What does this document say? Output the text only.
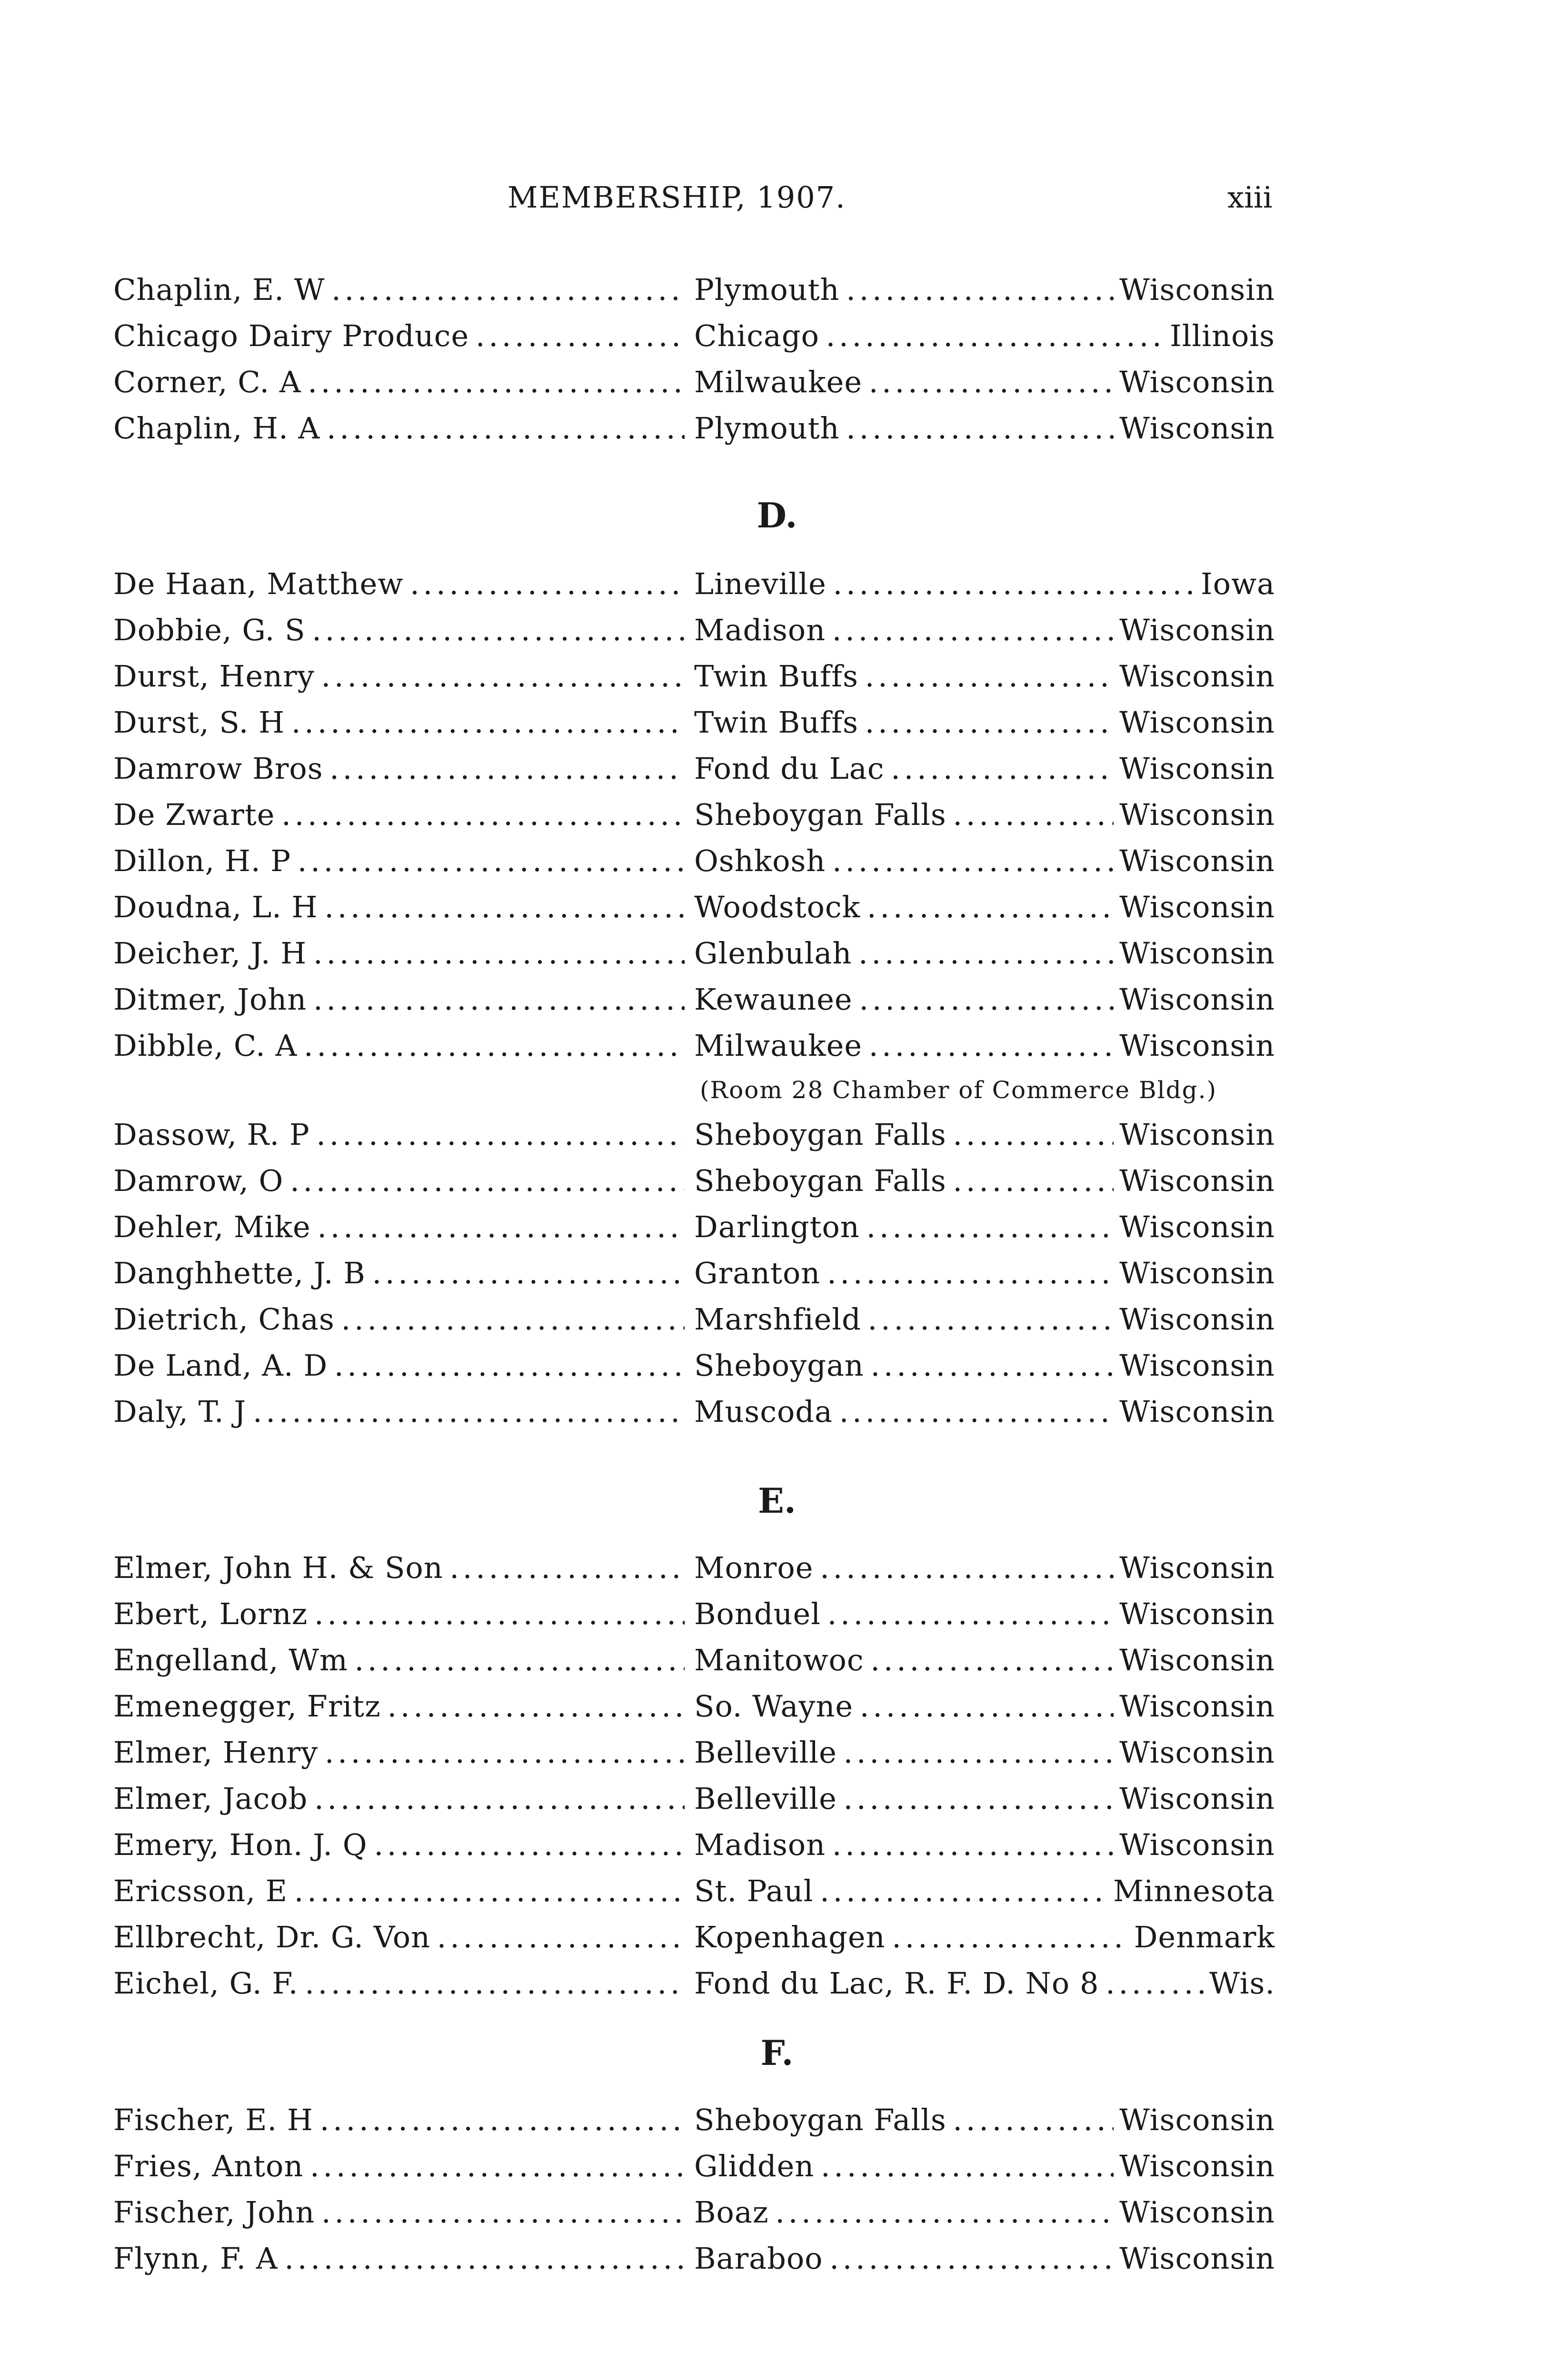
MEMBERSHIP, 1907.	xiii
Chaplin, E. W . . .	Plymouth . . .	Wisconsin
Chicago Dairy Produce . . .	Chicago . . .	Illinois
Corner, C. A . . .	Milwaukee . . .	Wisconsin
Chaplin, H. A . . .	Plymouth . . .	Wisconsin
D.
De Haan, Matthew . . .	Lineville . . .	Iowa
Dobbie, G. S . . .	Madison . . .	Wisconsin
Durst, Henry . . .	Twin Buffs . . .	Wisconsin
Durst, S. H . . .	Twin Buffs . . .	Wisconsin
Damrow Bros . . .	Fond du Lac . . .	Wisconsin
De Zwarte . . .	Sheboygan Falls . . .	Wisconsin
Dillon, H. P . . .	Oshkosh . . .	Wisconsin
Doudna, L. H . . .	Woodstock . . .	Wisconsin
Deicher, J. H . . .	Glenbulah . . .	Wisconsin
Ditmer, John . . .	Kewaunee . . .	Wisconsin
Dibble, C. A . . .	Milwaukee . . .	Wisconsin
(Room 28 Chamber of Commerce Bldg.)
Dassow, R. P . . .	Sheboygan Falls . . .	Wisconsin
Damrow, O . . .	Sheboygan Falls . . .	Wisconsin
Dehler, Mike . . .	Darlington . . .	Wisconsin
Danghhette, J. B . . .	Granton . . .	Wisconsin
Dietrich, Chas . . .	Marshfield . . .	Wisconsin
De Land, A. D . . .	Sheboygan . . .	Wisconsin
Daly, T. J . . .	Muscoda . . .	Wisconsin
E.
Elmer, John H. & Son . . .	Monroe . . .	Wisconsin
Ebert, Lornz . . .	Bonduel . . .	Wisconsin
Engelland, Wm . . .	Manitowoc . . .	Wisconsin
Emenegger, Fritz . . .	So. Wayne . . .	Wisconsin
Elmer, Henry . . .	Belleville . . .	Wisconsin
Elmer, Jacob . . .	Belleville . . .	Wisconsin
Emery, Hon. J. Q . . .	Madison . . .	Wisconsin
Ericsson, E . . .	St. Paul . . .	Minnesota
Ellbrecht, Dr. G. Von . . .	Kopenhagen . . .	Denmark
Eichel, G. F. . . .	Fond du Lac, R. F. D. No 8 . . .	Wis.
F.
Fischer, E. H . . .	Sheboygan Falls . . .	Wisconsin
Fries, Anton . . .	Glidden . . .	Wisconsin
Fischer, John . . .	Boaz . . .	Wisconsin
Flynn, F. A . . .	Baraboo . . .	Wisconsin
